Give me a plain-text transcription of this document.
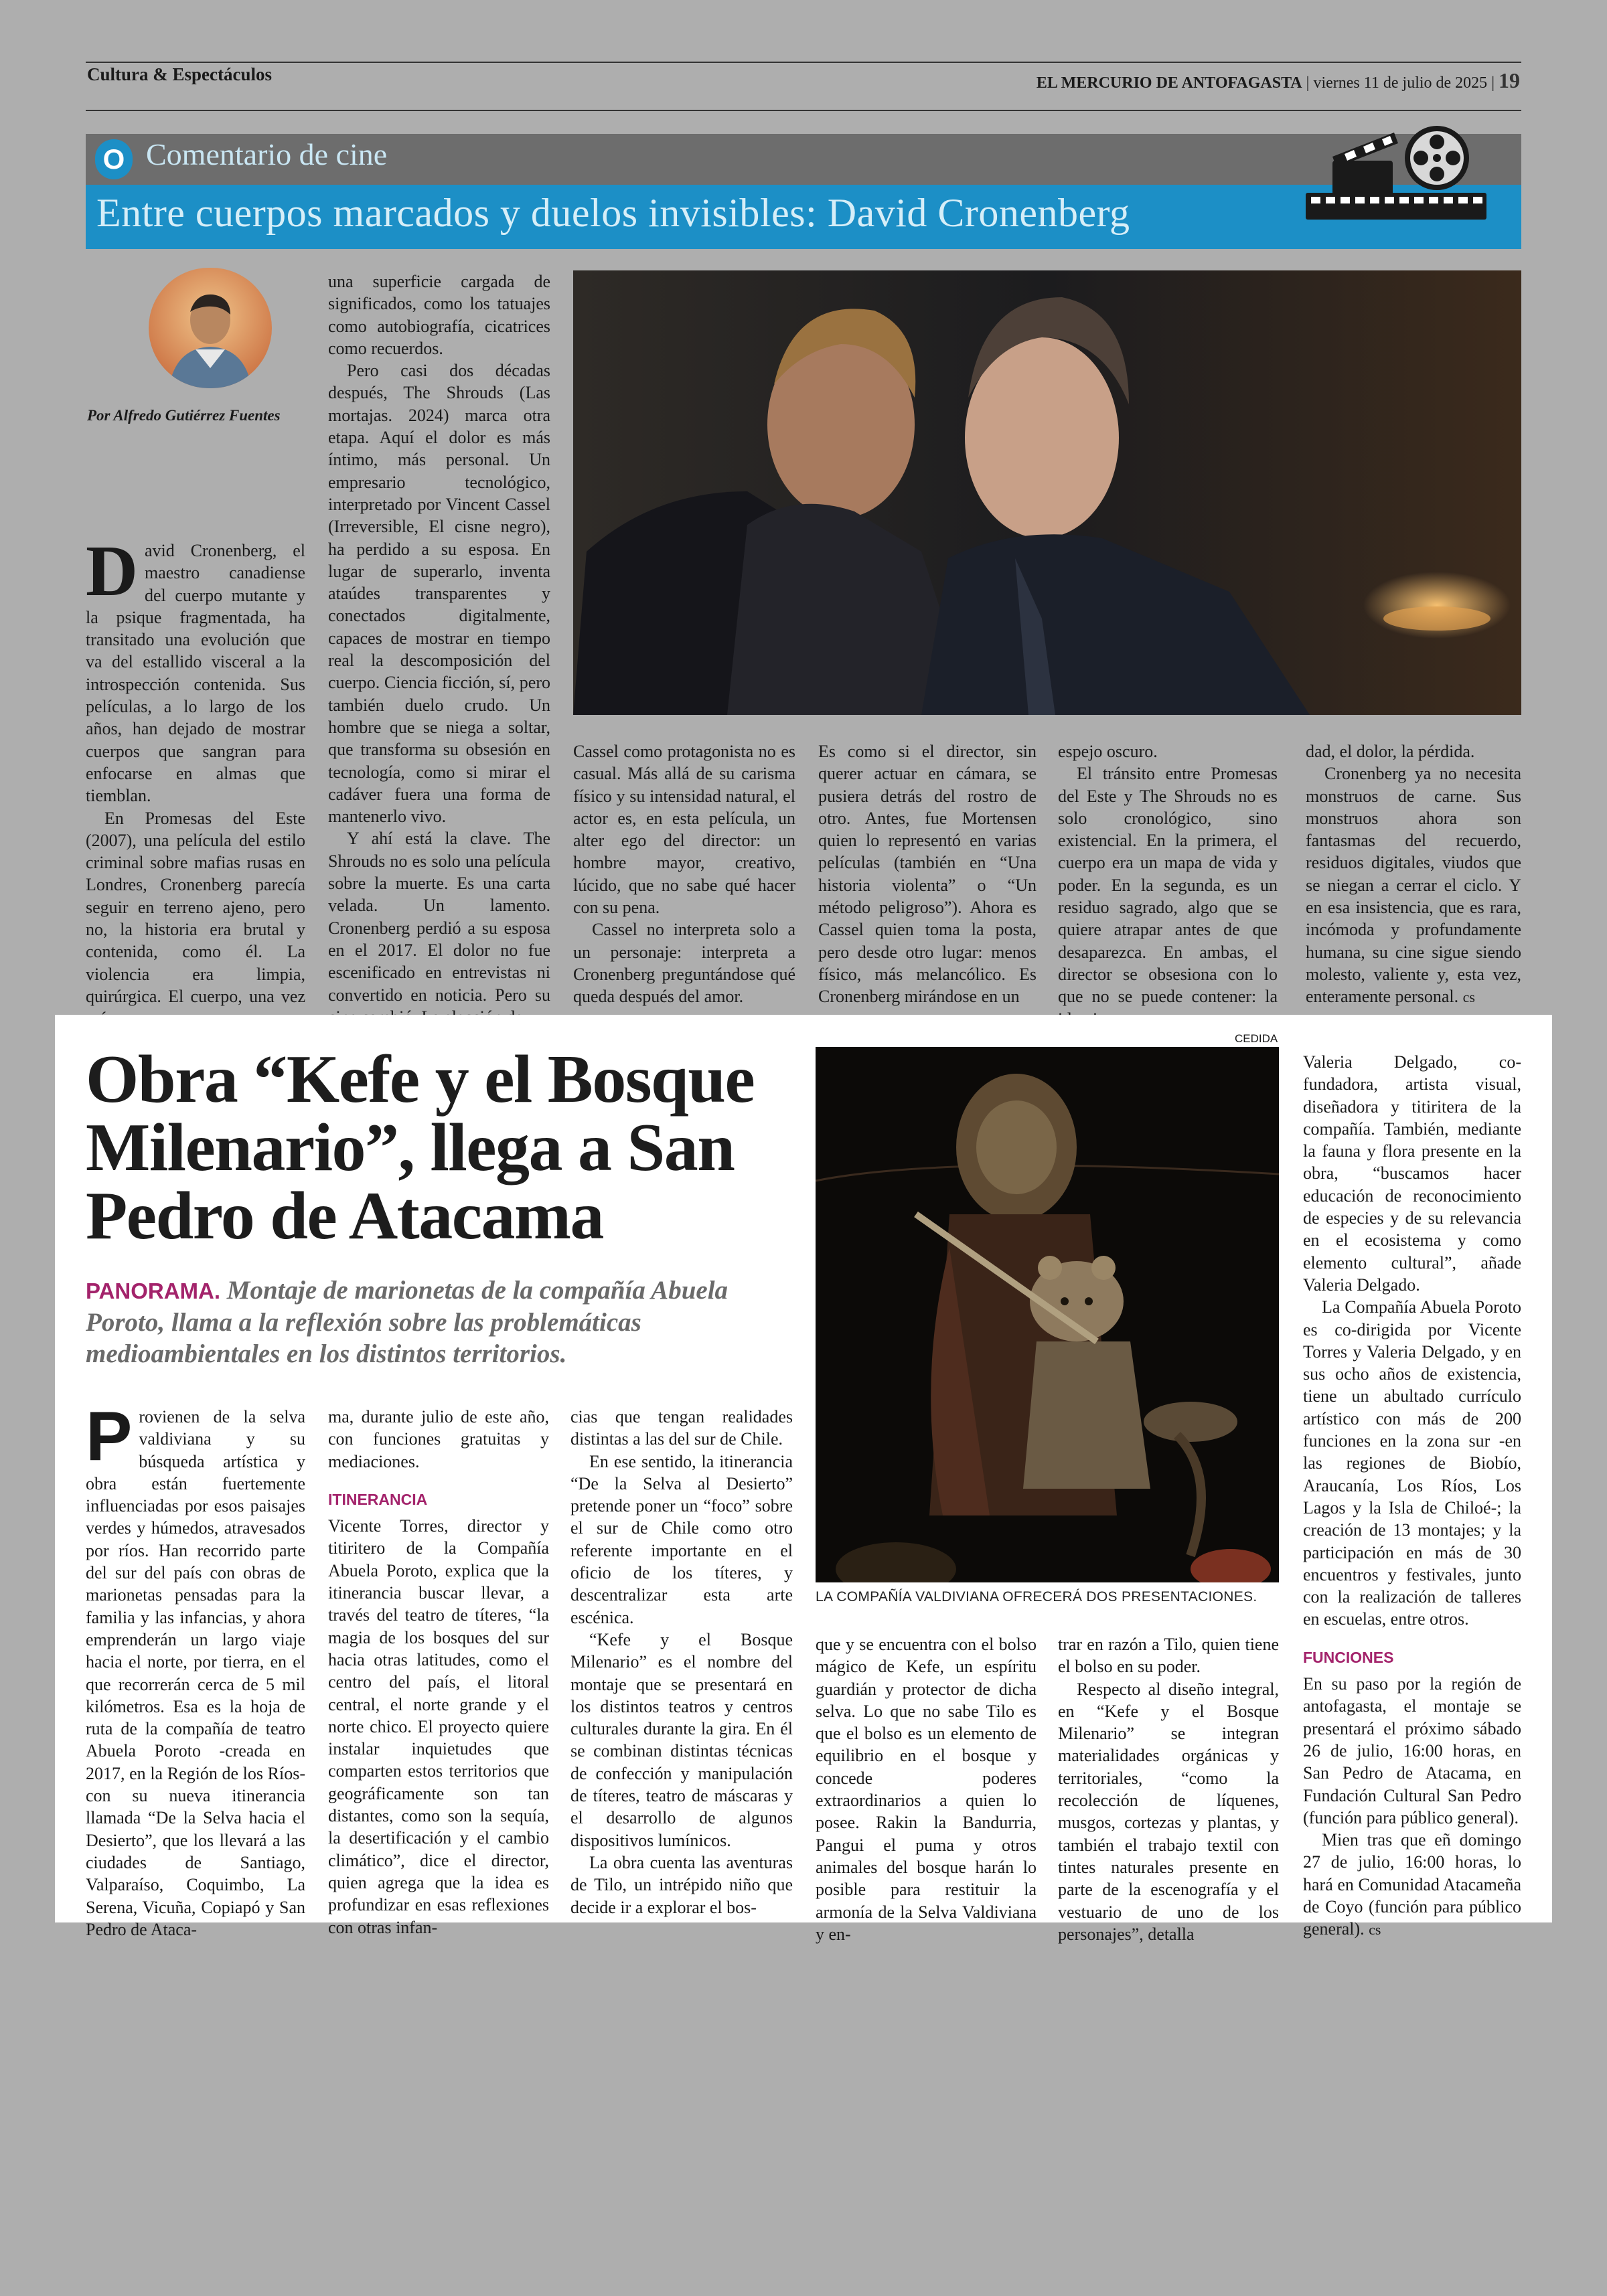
Cultura & Espectáculos	EL MERCURIO DE ANTOFAGASTA | viernes 11 de julio de 2025 | 19
O Comentario de cine
Entre cuerpos marcados y duelos invisibles: David Cronenberg
Por Alfredo Gutiérrez Fuentes

David Cronenberg, el maestro canadiense del cuerpo mutante y la psique fragmentada, ha transitado una evolución que va del estallido visceral a la introspección contenida. Sus películas, a lo largo de los años, han dejado de mostrar cuerpos que sangran para enfocarse en almas que tiemblan.

En Promesas del Este (2007), una película del estilo criminal sobre mafias rusas en Londres, Cronenberg parecía seguir en terreno ajeno, pero no, la historia era brutal y contenida, como él. La violencia era limpia, quirúrgica. El cuerpo, una vez

una superficie cargada de significados, como los tatuajes como autobiografía, cicatrices como recuerdos.

Pero casi dos décadas después, The Shrouds (Las mortajas. 2024) marca otra etapa. Aquí el dolor es más íntimo, más personal. Un empresario tecnológico, interpretado por Vincent Cassel (Irreversible, El cisne negro), ha perdido a su esposa. En lugar de superarlo, inventa ataúdes transparentes y conectados digitalmente, capaces de mostrar en tiempo real la descomposición del cuerpo. Ciencia ficción, sí, pero también duelo crudo. Un hombre que se niega a soltar, que transforma su obsesión en tecnología, como si mirar el cadáver fuera una forma de mantenerlo vivo.

Y ahí está la clave. The Shrouds no es solo una película sobre la muerte. Es una carta velada. Un lamento. Cronenberg perdió a su esposa en el 2017. El dolor no fue escenificado en entrevistas ni convertido en noticia. Pero su

Cassel como protagonista no es casual. Más allá de su carisma físico y su intensidad natural, el actor es, en esta película, un alter ego del director: un hombre mayor, creativo, lúcido, que no sabe qué hacer con su pena.

Cassel no interpreta solo a un personaje: interpreta a Cronenberg preguntándose qué queda después del amor.

Es como si el director, sin querer actuar en cámara, se pusiera detrás del rostro de otro. Antes, fue Mortensen quien lo representó en varias películas (también en “Una historia violenta” o “Un método peligroso”). Ahora es Cassel quien toma la posta, pero desde otro lugar: menos físico, más melancólico. Es Cronenberg mirándose en un

espejo oscuro.

El tránsito entre Promesas del Este y The Shrouds no es solo cronológico, sino existencial. En la primera, el cuerpo era un mapa de vida y poder. En la segunda, es un residuo sagrado, algo que se quiere atrapar antes de que desaparezca. En ambas, el director se obsesiona con lo que no se puede contener: la

dad, el dolor, la pérdida.

Cronenberg ya no necesita monstruos de carne. Sus monstruos ahora son fantasmas del recuerdo, residuos digitales, viudos que se niegan a cerrar el ciclo. Y en esa insistencia, que es rara, incómoda y profundamente humana, su cine sigue siendo molesto, valiente y, esta vez, enteramente personal. cs

Obra “Kefe y el Bosque Milenario”, llega a San Pedro de Atacama
PANORAMA. Montaje de marionetas de la compañía Abuela Poroto, llama a la reflexión sobre las problemáticas medioambientales en los distintos territorios.
CEDIDA
LA COMPAÑÍA VALDIVIANA OFRECERÁ DOS PRESENTACIONES.

Provienen de la selva valdiviana y su búsqueda artística y obra están fuertemente influenciadas por esos paisajes verdes y húmedos, atravesados por ríos. Han recorrido parte del sur del país con obras de marionetas pensadas para la familia y las infancias, y ahora emprenderán un largo viaje hacia el norte, por tierra, en el que recorrerán cerca de 5 mil kilómetros. Esa es la hoja de ruta de la compañía de teatro Abuela Poroto -creada en 2017, en la Región de los Ríos- con su nueva itinerancia llamada “De la Selva hacia el Desierto”, que los llevará a las ciudades de Santiago, Valparaíso, Coquimbo, La Serena, Vicuña, Copiapó y San Pedro de Ataca-

ma, durante julio de este año, con funciones gratuitas y mediaciones.

ITINERANCIA

Vicente Torres, director y titiritero de la Compañía Abuela Poroto, explica que la itinerancia buscar llevar, a través del teatro de títeres, “la magia de los bosques del sur hacia otras latitudes, como el centro del país, el litoral central, el norte grande y el norte chico. El proyecto quiere instalar inquietudes que comparten estos territorios que geográficamente son tan distantes, como son la sequía, la desertificación y el cambio climático”, dice el director, quien agrega que la idea es profundizar en esas reflexiones con otras infan-

cias que tengan realidades distintas a las del sur de Chile.

En ese sentido, la itinerancia “De la Selva al Desierto” pretende poner un “foco” sobre el sur de Chile como otro referente importante en el oficio de los títeres, y descentralizar esta arte escénica.

“Kefe y el Bosque Milenario” es el nombre del montaje que se presentará en los distintos teatros y centros culturales durante la gira. En él se combinan distintas técnicas de confección y manipulación de títeres, teatro de máscaras y el desarrollo de algunos dispositivos lumínicos.

La obra cuenta las aventuras de Tilo, un intrépido niño que decide ir a explorar el bos-

que y se encuentra con el bolso mágico de Kefe, un espíritu guardián y protector de dicha selva. Lo que no sabe Tilo es que el bolso es un elemento de equilibrio en el bosque y concede poderes extraordinarios a quien lo posee. Rakin la Bandurria, Pangui el puma y otros animales del bosque harán lo posible para restituir la armonía de la Selva Valdiviana y en-

trar en razón a Tilo, quien tiene el bolso en su poder.

Respecto al diseño integral, en “Kefe y el Bosque Milenario” se integran materialidades orgánicas y territoriales, “como la recolección de líquenes, musgos, cortezas y plantas, y también el trabajo textil con tintes naturales presente en parte de la escenografía y el vestuario de uno de los personajes”, detalla

Valeria Delgado, co-fundadora, artista visual, diseñadora y titiritera de la compañía. También, mediante la fauna y flora presente en la obra, “buscamos hacer educación de reconocimiento de especies y de su relevancia en el ecosistema y como elemento cultural”, añade Valeria Delgado.

La Compañía Abuela Poroto es co-dirigida por Vicente Torres y Valeria Delgado, y en sus ocho años de existencia, tiene un abultado currículo artístico con más de 200 funciones en la zona sur -en las regiones de Biobío, Araucanía, Los Ríos, Los Lagos y la Isla de Chiloé-; la creación de 13 montajes; y la participación en más de 30 encuentros y festivales, junto con la realización de talleres en escuelas, entre otros.

FUNCIONES

En su paso por la región de antofagasta, el montaje se presentará el próximo sábado 26 de julio, 16:00 horas, en San Pedro de Atacama, en Fundación Cultural San Pedro (función para público general).

Mien tras que eñ domingo 27 de julio, 16:00 horas, lo hará en Comunidad Atacameña de Coyo (función para público general). cs
